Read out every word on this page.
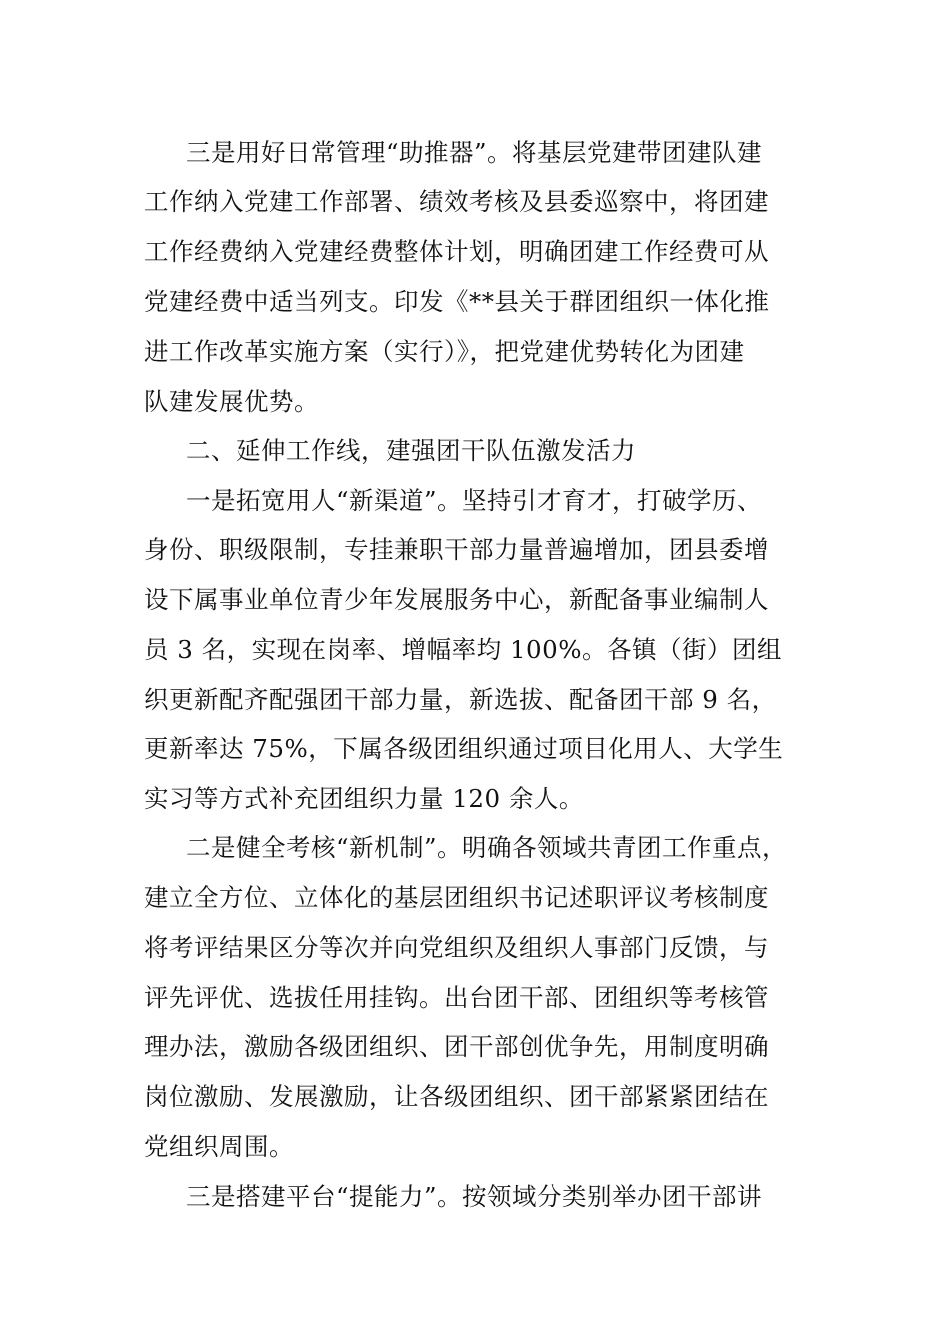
三是用好日常管理“助推器”。将基层党建带团建队建
工作纳入党建工作部署、绩效考核及县委巡察中，将团建
工作经费纳入党建经费整体计划，明确团建工作经费可从
党建经费中适当列支。印发《**县关于群团组织一体化推
进工作改革实施方案（实行）》，把党建优势转化为团建
队建发展优势。
二、延伸工作线，建强团干队伍激发活力
一是拓宽用人“新渠道”。坚持引才育才，打破学历、
身份、职级限制，专挂兼职干部力量普遍增加，团县委增
设下属事业单位青少年发展服务中心，新配备事业编制人
员 3 名，实现在岗率、增幅率均 100%。各镇（街）团组
织更新配齐配强团干部力量，新选拔、配备团干部 9 名，
更新率达 75%，下属各级团组织通过项目化用人、大学生
实习等方式补充团组织力量 120 余人。
二是健全考核“新机制”。明确各领域共青团工作重点，
建立全方位、立体化的基层团组织书记述职评议考核制度
将考评结果区分等次并向党组织及组织人事部门反馈，与
评先评优、选拔任用挂钩。出台团干部、团组织等考核管
理办法，激励各级团组织、团干部创优争先，用制度明确
岗位激励、发展激励，让各级团组织、团干部紧紧团结在
党组织周围。
三是搭建平台“提能力”。按领域分类别举办团干部讲
